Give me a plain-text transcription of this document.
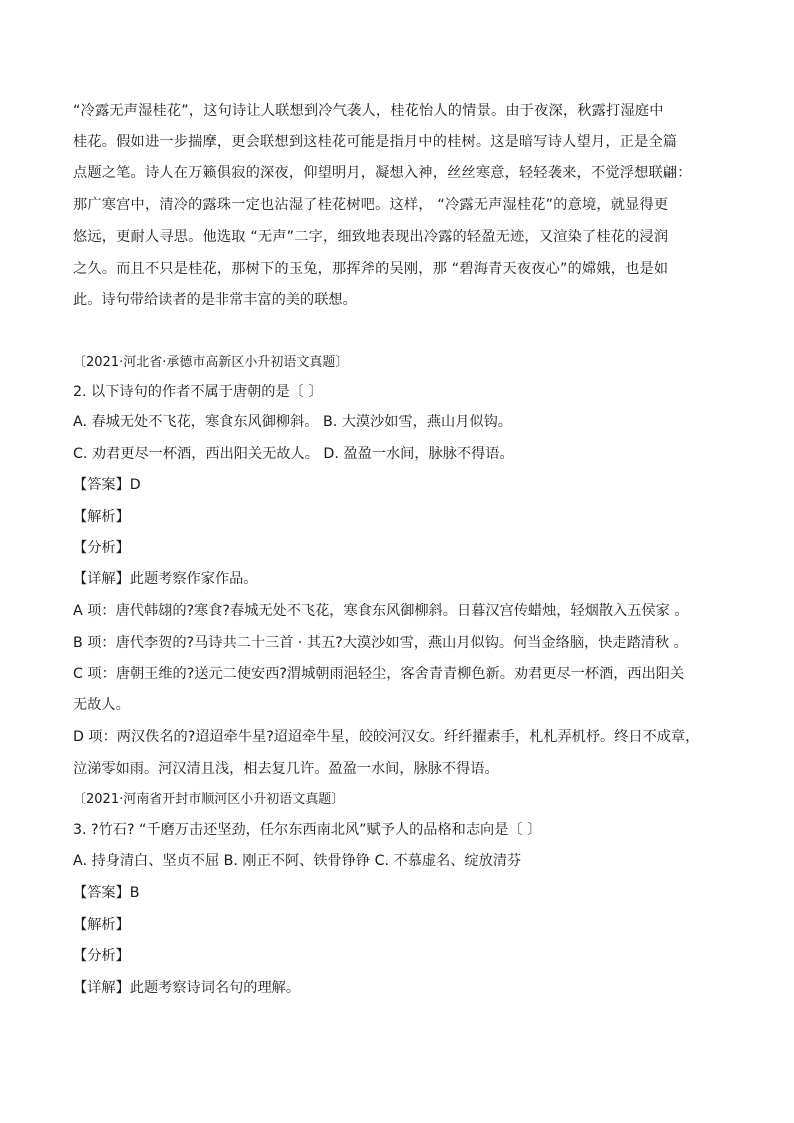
“冷露无声湿桂花”，这句诗让人联想到冷气袭人，桂花怡人的情景。由于夜深，秋露打湿庭中
桂花。假如进一步揣摩，更会联想到这桂花可能是指月中的桂树。这是暗写诗人望月，正是全篇
点题之笔。诗人在万籁俱寂的深夜，仰望明月，凝想入神，丝丝寒意，轻轻袭来，不觉浮想联翩：
那广寒宫中，清冷的露珠一定也沾湿了桂花树吧。这样， “冷露无声湿桂花”的意境，就显得更
悠远，更耐人寻思。他选取 “无声”二字，细致地表现出冷露的轻盈无迹，又渲染了桂花的浸润
之久。而且不只是桂花，那树下的玉兔，那挥斧的吴刚，那 “碧海青天夜夜心”的嫦娥，也是如
此。诗句带给读者的是非常丰富的美的联想。
〔2021·河北省·承德市高新区小升初语文真题〕
2. 以下诗句的作者不属于唐朝的是〔 〕
A. 春城无处不飞花，寒食东风御柳斜。 B. 大漠沙如雪，燕山月似钩。
C. 劝君更尽一杯酒，西出阳关无故人。 D. 盈盈一水间，脉脉不得语。
【答案】D
【解析】
【分析】
【详解】此题考察作家作品。
A 项：唐代韩翃的?寒食?春城无处不飞花，寒食东风御柳斜。日暮汉宫传蜡烛，轻烟散入五侯家 。
B 项：唐代李贺的?马诗共二十三首 · 其五?大漠沙如雪，燕山月似钩。何当金络脑，快走踏清秋 。
C 项：唐朝王维的?送元二使安西?渭城朝雨浥轻尘，客舍青青柳色新。劝君更尽一杯酒，西出阳关
无故人。
D 项：两汉佚名的?迢迢牵牛星?迢迢牵牛星，皎皎河汉女。纤纤擢素手，札札弄机杼。终日不成章，
泣涕零如雨。河汉清且浅，相去复几许。盈盈一水间，脉脉不得语。
〔2021·河南省开封市顺河区小升初语文真题〕
3. ?竹石? “千磨万击还坚劲，任尔东西南北风”赋予人的品格和志向是〔 〕
A. 持身清白、坚贞不屈 B. 刚正不阿、铁骨铮铮 C. 不慕虚名、绽放清芬
【答案】B
【解析】
【分析】
【详解】此题考察诗词名句的理解。
